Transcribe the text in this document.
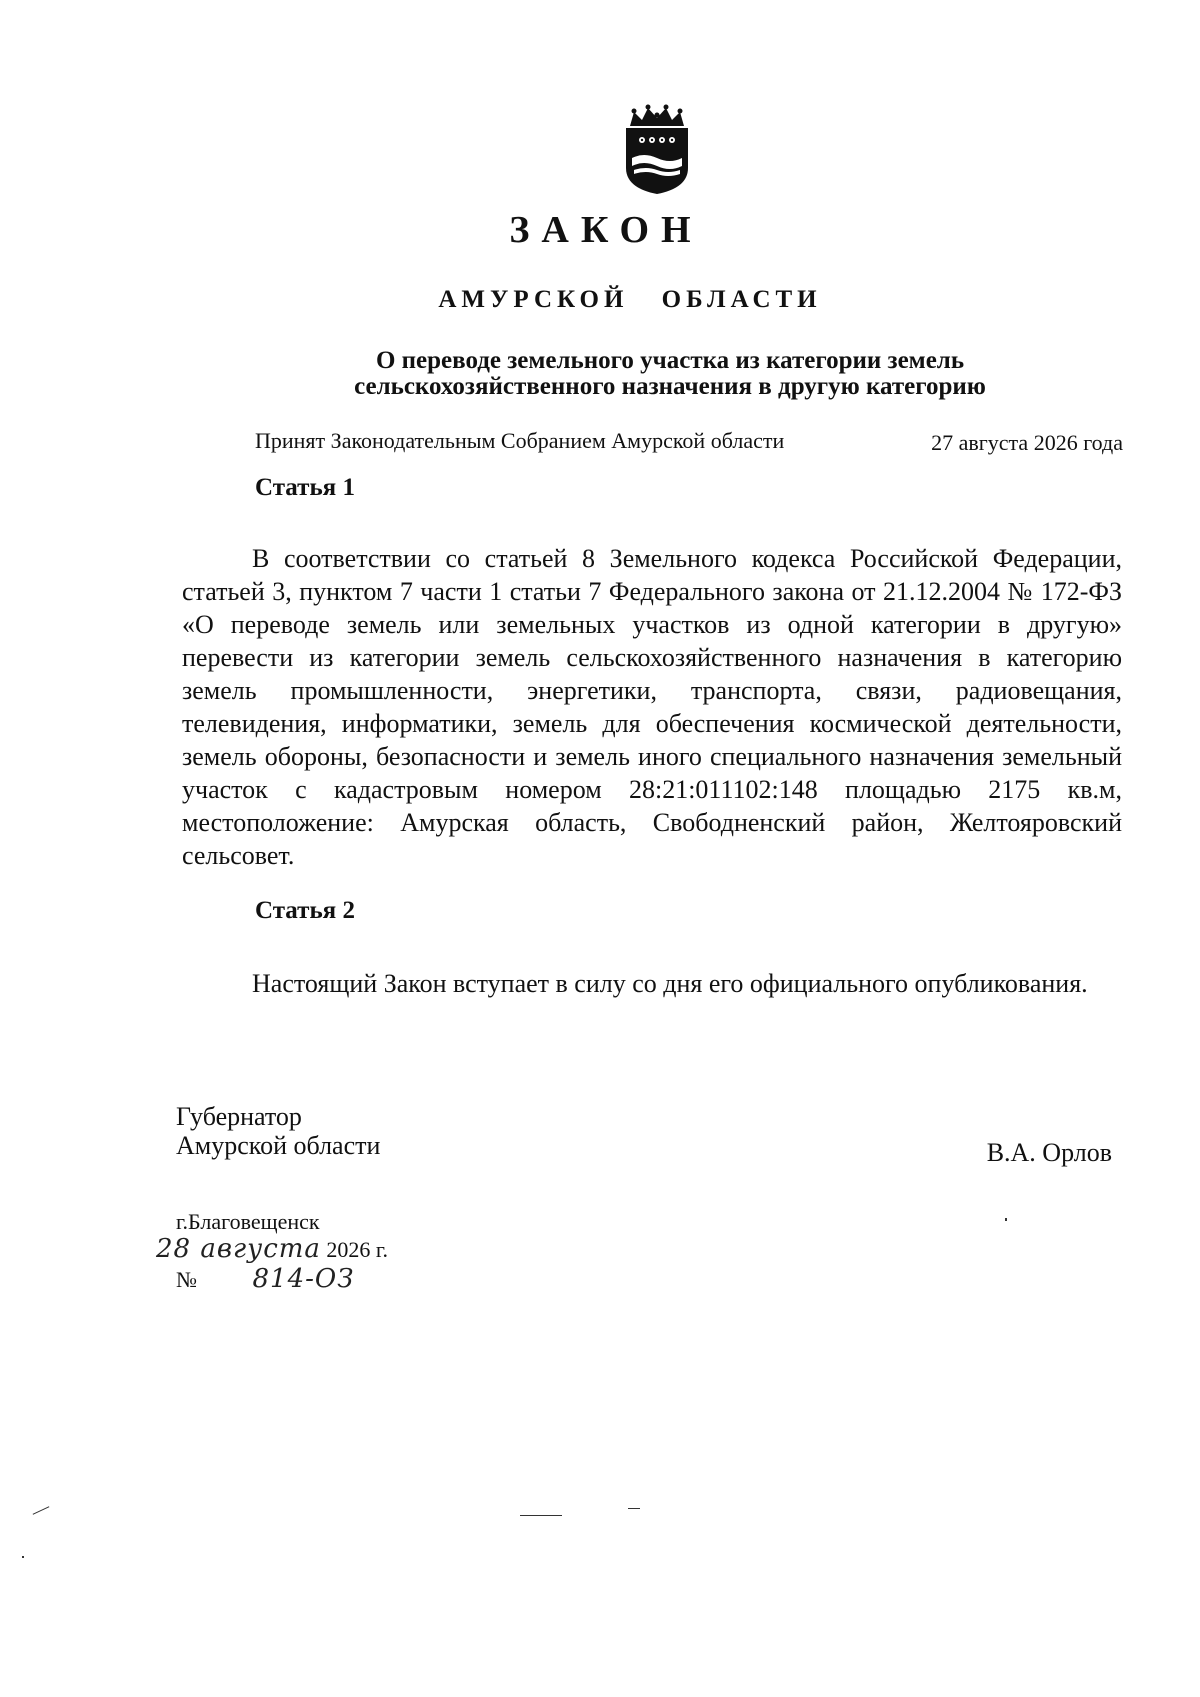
ЗАКОН
АМУРСКОЙ ОБЛАСТИ
О переводе земельного участка из категории земель
сельскохозяйственного назначения в другую категорию
Принят Законодательным Собранием Амурской области	27 августа 2026 года
Статья 1

В соответствии со статьей 8 Земельного кодекса Российской Федерации, статьей 3, пунктом 7 части 1 статьи 7 Федерального закона от 21.12.2004 № 172-ФЗ «О переводе земель или земельных участков из одной категории в другую» перевести из категории земель сельскохозяйственного назначения в категорию земель промышленности, энергетики, транспорта, связи, радиовещания, телевидения, информатики, земель для обеспечения космической деятельности, земель обороны, безопасности и земель иного специального назначения земельный участок с кадастровым номером 28:21:011102:148 площадью 2175 кв.м, местоположение: Амурская область, Свободненский район, Желтояровский сельсовет.

Статья 2

Настоящий Закон вступает в силу со дня его официального опубликования.

Губернатор
Амурской области	В.А. Орлов
г.Благовещенск
28 августа 2026 г.
№ 814-ОЗ
